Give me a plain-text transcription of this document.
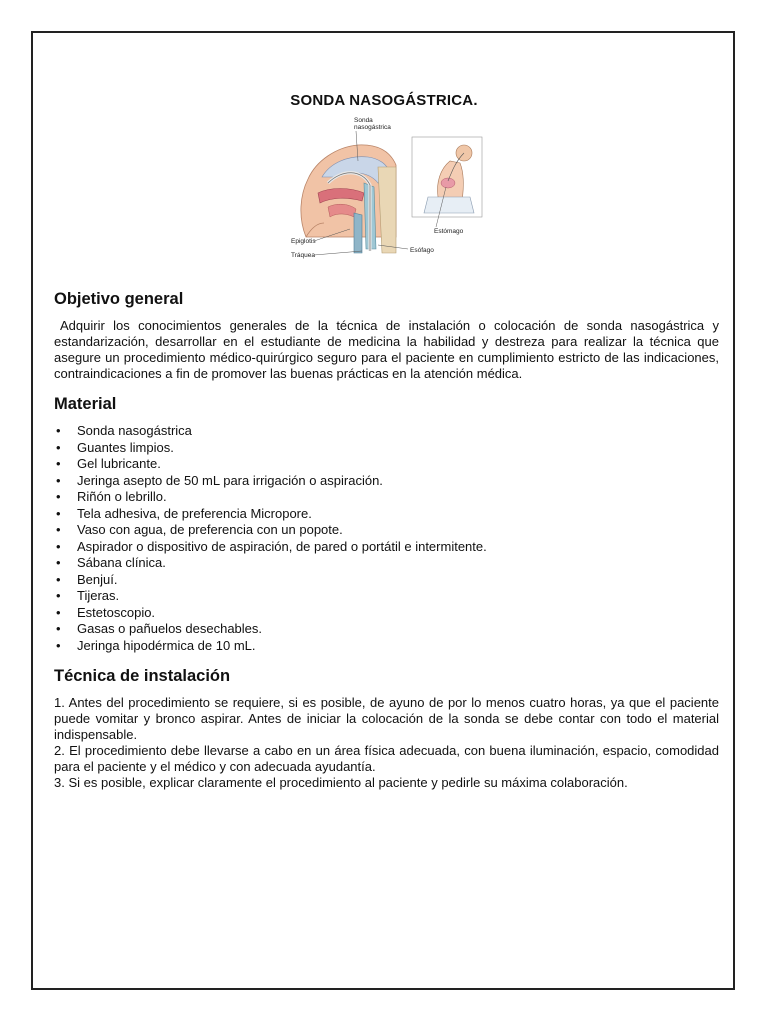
SONDA NASOGÁSTRICA.
Sonda
nasogástrica
Epiglotis
Tráquea
Esófago
Estómago
Objetivo general

Adquirir los conocimientos generales de la técnica de instalación o colocación de sonda nasogástrica y estandarización, desarrollar en el estudiante de medicina la habilidad y destreza para realizar la técnica que asegure un procedimiento médico-quirúrgico seguro para el paciente en cumplimiento estricto de las indicaciones, contraindicaciones a fin de promover las buenas prácticas en la atención médica.

Material
• Sonda nasogástrica
• Guantes limpios.
• Gel lubricante.
• Jeringa asepto de 50 mL para irrigación o aspiración.
• Riñón o lebrillo.
• Tela adhesiva, de preferencia Micropore.
• Vaso con agua, de preferencia con un popote.
• Aspirador o dispositivo de aspiración, de pared o portátil e intermitente.
• Sábana clínica.
• Benjuí.
• Tijeras.
• Estetoscopio.
• Gasas o pañuelos desechables.
• Jeringa hipodérmica de 10 mL.
Técnica de instalación

1. Antes del procedimiento se requiere, si es posible, de ayuno de por lo menos cuatro horas, ya que el paciente puede vomitar y bronco aspirar. Antes de iniciar la colocación de la sonda se debe contar con todo el material indispensable.

2. El procedimiento debe llevarse a cabo en un área física adecuada, con buena iluminación, espacio, comodidad para el paciente y el médico y con adecuada ayudantía.

3. Si es posible, explicar claramente el procedimiento al paciente y pedirle su máxima colaboración.
